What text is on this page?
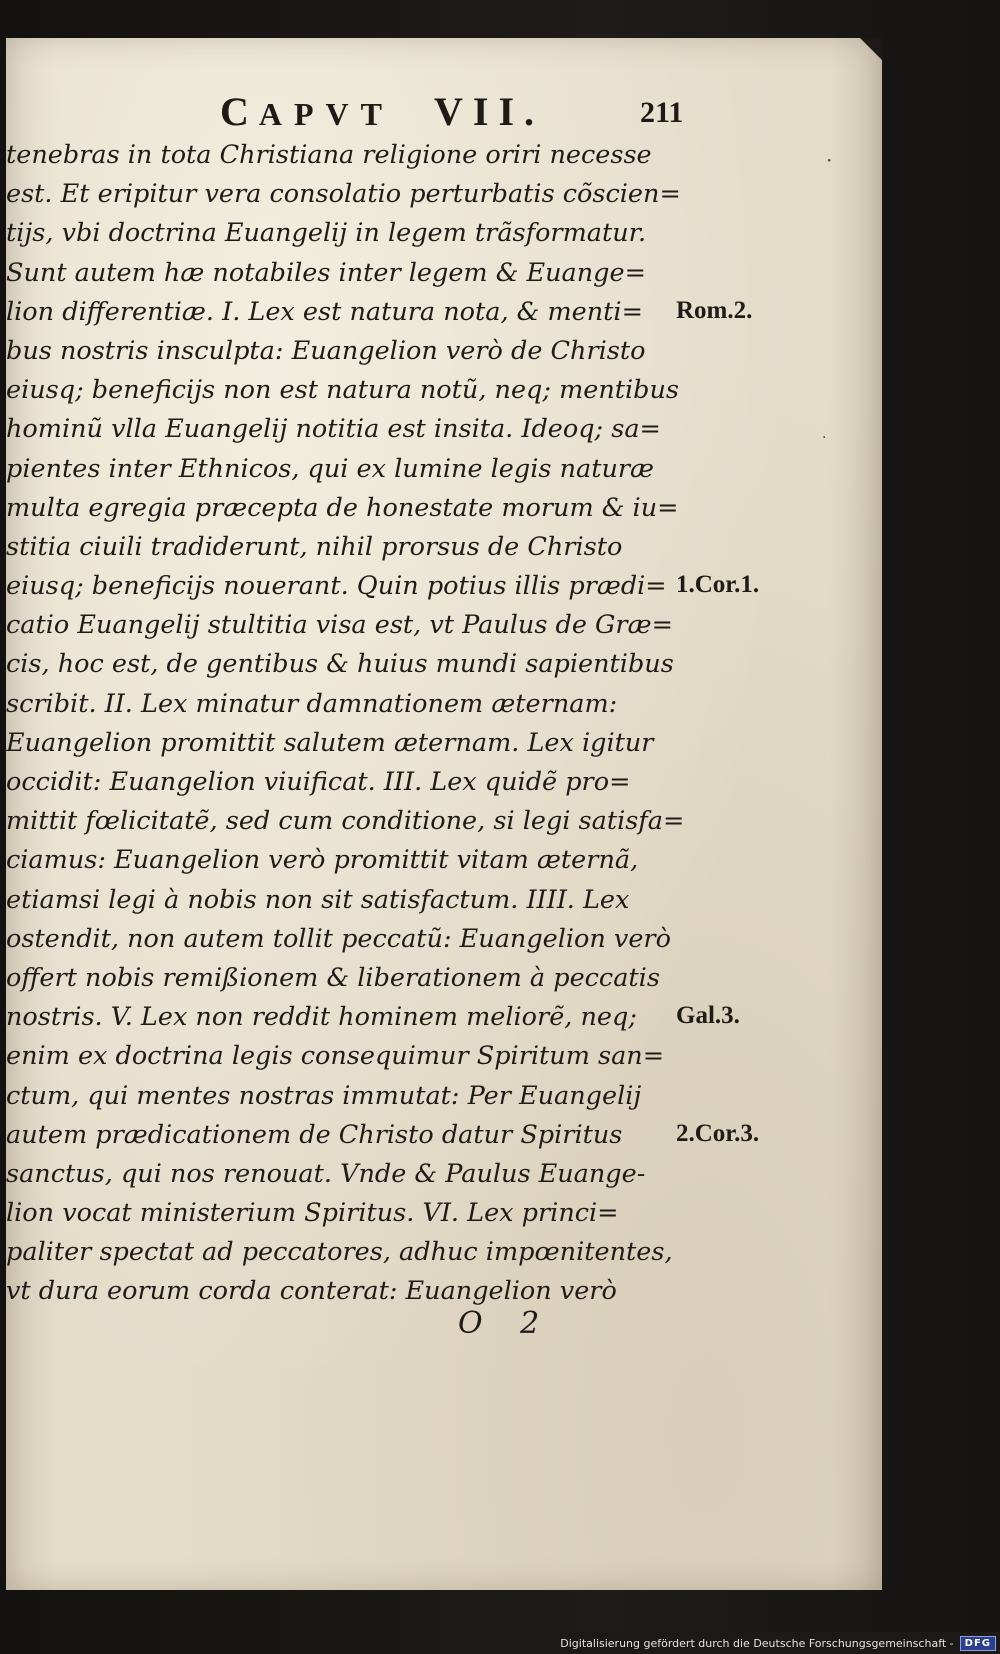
CAPVT VII.	211
·
·
tenebras in tota Christiana religione oriri necesse
est. Et eripitur vera consolatio perturbatis cõscien=
tijs, vbi doctrina Euangelij in legem trãsformatur.
Sunt autem hæ notabiles inter legem & Euange=
lion differentiæ. I. Lex est natura nota, & menti=
bus nostris insculpta: Euangelion verò de Christo
eiusq; beneficijs non est natura notũ, neq; mentibus
hominũ vlla Euangelij notitia est insita. Ideoq; sa=
pientes inter Ethnicos, qui ex lumine legis naturæ
multa egregia præcepta de honestate morum & iu=
stitia ciuili tradiderunt, nihil prorsus de Christo
eiusq; beneficijs nouerant. Quin potius illis prædi=
catio Euangelij stultitia visa est, vt Paulus de Græ=
cis, hoc est, de gentibus & huius mundi sapientibus
scribit. II. Lex minatur damnationem æternam:
Euangelion promittit salutem æternam. Lex igitur
occidit: Euangelion viuificat. III. Lex quidẽ pro=
mittit fœlicitatẽ, sed cum conditione, si legi satisfa=
ciamus: Euangelion verò promittit vitam æternã,
etiamsi legi à nobis non sit satisfactum. IIII. Lex
ostendit, non autem tollit peccatũ: Euangelion verò
offert nobis remißionem & liberationem à peccatis
nostris. V. Lex non reddit hominem meliorẽ, neq;
enim ex doctrina legis consequimur Spiritum san=
ctum, qui mentes nostras immutat: Per Euangelij
autem prædicationem de Christo datur Spiritus
sanctus, qui nos renouat. Vnde & Paulus Euange-
lion vocat ministerium Spiritus. VI. Lex princi=
paliter spectat ad peccatores, adhuc impœnitentes,
vt dura eorum corda conterat: Euangelion verò
Rom.2.
1.Cor.1.
Gal.3.
2.Cor.3.
O 2
Digitalisierung gefördert durch die Deutsche Forschungsgemeinschaft -	DFG
